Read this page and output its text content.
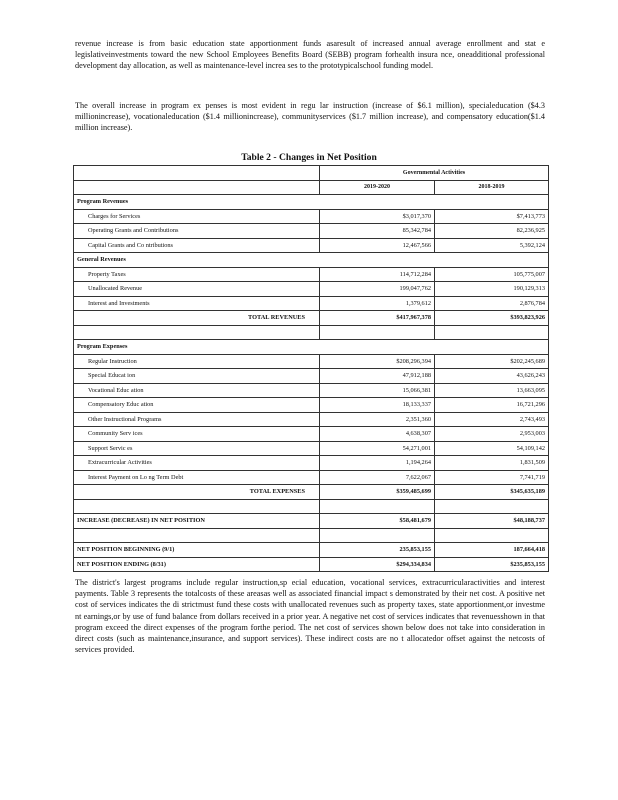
revenue increase is from basic education state apportionment funds asaresult of increased annual average enrollment and stat e legislativeinvestments toward the new School Employees Benefits Board (SEBB) program forhealth insura nce, oneadditional professional development day allocation, as well as maintenance-level increa ses to the prototypicalschool funding model.

The overall increase in program ex penses is most evident in regu lar instruction (increase of $6.1 million), specialeducation ($4.3 millionincrease), vocationaleducation ($1.4 millionincrease), communityservices ($1.7 million increase), and compensatory education($1.4 million increase).

Table 2 - Changes in Net Position

	Governmental Activities	
	2019-2020	2018-2019
Program Revenues		
Charges for Services	$3,017,370	$7,413,773
Operating Grants and Contributions	85,342,784	82,236,925
Capital Grants and Co ntributions	12,467,566	5,392,124
General Revenues		
Property Taxes	114,712,284	105,775,007
Unallocated Revenue	199,047,762	190,129,313
Interest and Investments	1,379,612	2,876,784
TOTAL REVENUES	$417,967,378	$393,823,926

Program Expenses		
Regular Instruction	$208,296,394	$202,245,689
Special Educat ion	47,912,188	43,626,243
Vocational Educ ation	15,066,381	13,663,095
Compensatory Educ ation	18,133,337	16,721,296
Other Instructional Programs	2,351,360	2,743,493
Community Serv ices	4,638,307	2,953,003
Support Servic es	54,271,001	54,109,142
Extracurricular Activities	1,194,264	1,831,509
Interest Payment on Lo ng Term Debt	7,622,067	7,741,719
TOTAL EXPENSES	$359,485,699	$345,635,189

INCREASE (DECREASE) IN NET POSITION	$58,481,679	$48,188,737

NET POSITION BEGINNING (9/1)	235,853,155	187,664,418
NET POSITION ENDING (8/31)	$294,334,834	$235,853,155

The district's largest programs include regular instruction,sp ecial education, vocational services, extracurricularactivities and interest payments. Table 3 represents the totalcosts of these areasas well as associated financial impact s demonstrated by their net cost. A positive net cost of services indicates the di strictmust fund these costs with unallocated revenues such as property taxes, state apportionment,or investme nt earnings,or by use of fund balance from dollars received in a prior year. A negative net cost of services indicates that revenuesshown in that program exceed the direct expenses of the program forthe period. The net cost of services shown below does not take into consideration in direct costs (such as maintenance,insurance, and support services). These indirect costs are no t allocatedor offset against the netcosts of services provided.
